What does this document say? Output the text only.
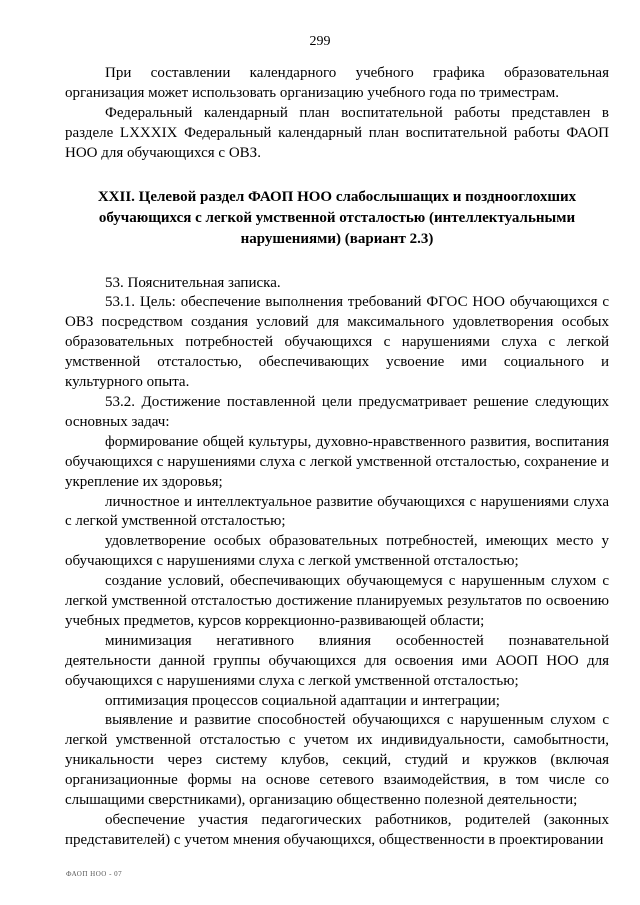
299

При составлении календарного учебного графика образовательная организация может использовать организацию учебного года по триместрам.

Федеральный календарный план воспитательной работы представлен в разделе LXXXIX Федеральный календарный план воспитательной работы ФАОП НОО для обучающихся с ОВЗ.

XXII. Целевой раздел ФАОП НОО слабослышащих и позднооглохших обучающихся с легкой умственной отсталостью (интеллектуальными нарушениями) (вариант 2.3)

53. Пояснительная записка.

53.1. Цель: обеспечение выполнения требований ФГОС НОО обучающихся с ОВЗ посредством создания условий для максимального удовлетворения особых образовательных потребностей обучающихся с нарушениями слуха с легкой умственной отсталостью, обеспечивающих усвоение ими социального и культурного опыта.

53.2. Достижение поставленной цели предусматривает решение следующих основных задач:

формирование общей культуры, духовно-нравственного развития, воспитания обучающихся с нарушениями слуха с легкой умственной отсталостью, сохранение и укрепление их здоровья;

личностное и интеллектуальное развитие обучающихся с нарушениями слуха с легкой умственной отсталостью;

удовлетворение особых образовательных потребностей, имеющих место у обучающихся с нарушениями слуха с легкой умственной отсталостью;

создание условий, обеспечивающих обучающемуся с нарушенным слухом с легкой умственной отсталостью достижение планируемых результатов по освоению учебных предметов, курсов коррекционно-развивающей области;

минимизация негативного влияния особенностей познавательной деятельности данной группы обучающихся для освоения ими АООП НОО для обучающихся с нарушениями слуха с легкой умственной отсталостью;

оптимизация процессов социальной адаптации и интеграции;

выявление и развитие способностей обучающихся с нарушенным слухом с легкой умственной отсталостью с учетом их индивидуальности, самобытности, уникальности через систему клубов, секций, студий и кружков (включая организационные формы на основе сетевого взаимодействия, в том числе со слышащими сверстниками), организацию общественно полезной деятельности;

обеспечение участия педагогических работников, родителей (законных представителей) с учетом мнения обучающихся, общественности в проектировании

ФАОП НОО - 07
